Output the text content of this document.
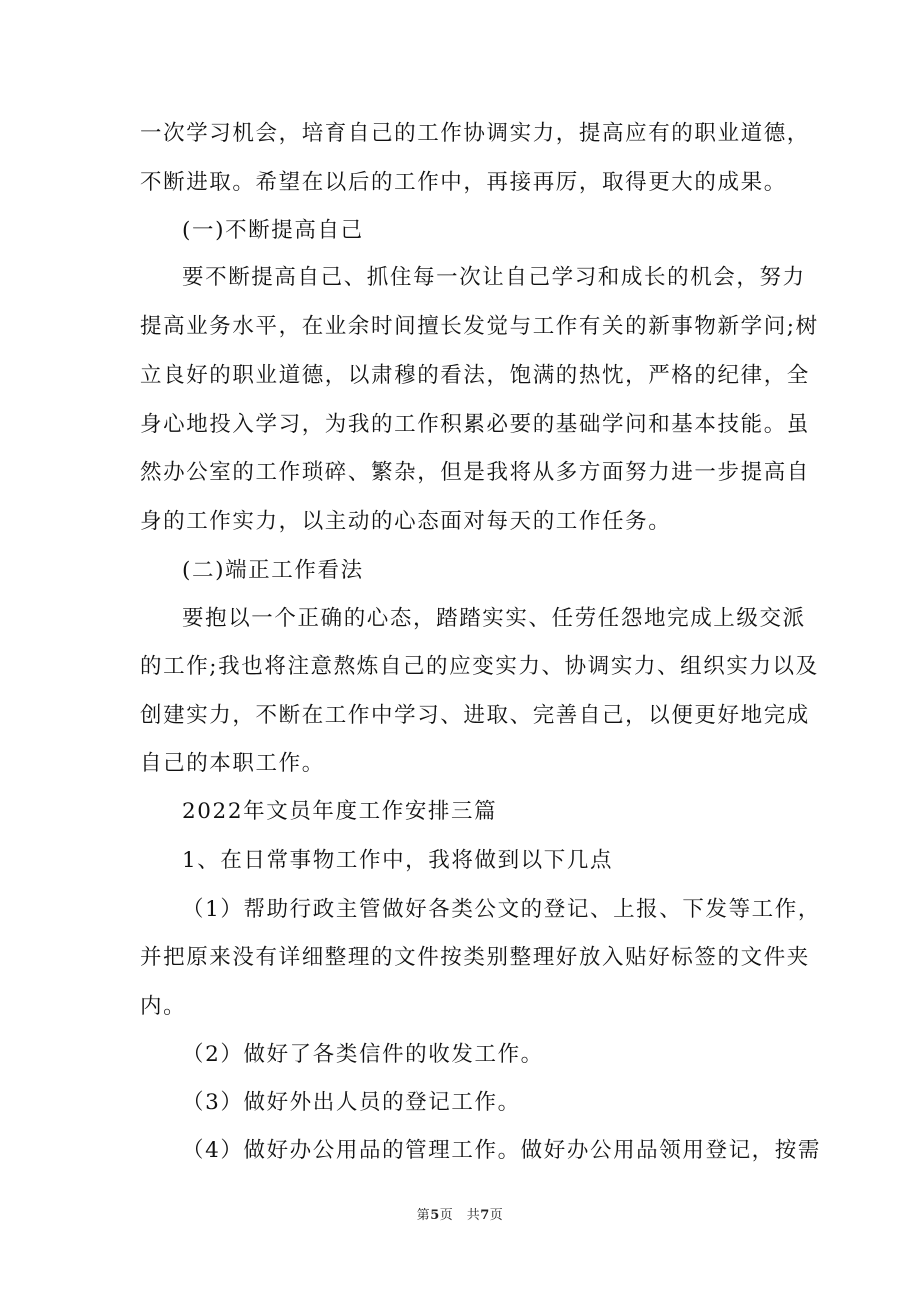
一次学习机会，培育自己的工作协调实力，提高应有的职业道德，
不断进取。希望在以后的工作中，再接再厉，取得更大的成果。
(一)不断提高自己
要不断提高自己、抓住每一次让自己学习和成长的机会，努力
提高业务水平，在业余时间擅长发觉与工作有关的新事物新学问;树
立良好的职业道德，以肃穆的看法，饱满的热忱，严格的纪律，全
身心地投入学习，为我的工作积累必要的基础学问和基本技能。虽
然办公室的工作琐碎、繁杂，但是我将从多方面努力进一步提高自
身的工作实力，以主动的心态面对每天的工作任务。
(二)端正工作看法
要抱以一个正确的心态，踏踏实实、任劳任怨地完成上级交派
的工作;我也将注意熬炼自己的应变实力、协调实力、组织实力以及
创建实力，不断在工作中学习、进取、完善自己，以便更好地完成
自己的本职工作。
2022年文员年度工作安排三篇
1、在日常事物工作中，我将做到以下几点
（1）帮助行政主管做好各类公文的登记、上报、下发等工作，
并把原来没有详细整理的文件按类别整理好放入贴好标签的文件夹
内。
（2）做好了各类信件的收发工作。
（3）做好外出人员的登记工作。
（4）做好办公用品的管理工作。做好办公用品领用登记，按需
第5页　共7页
